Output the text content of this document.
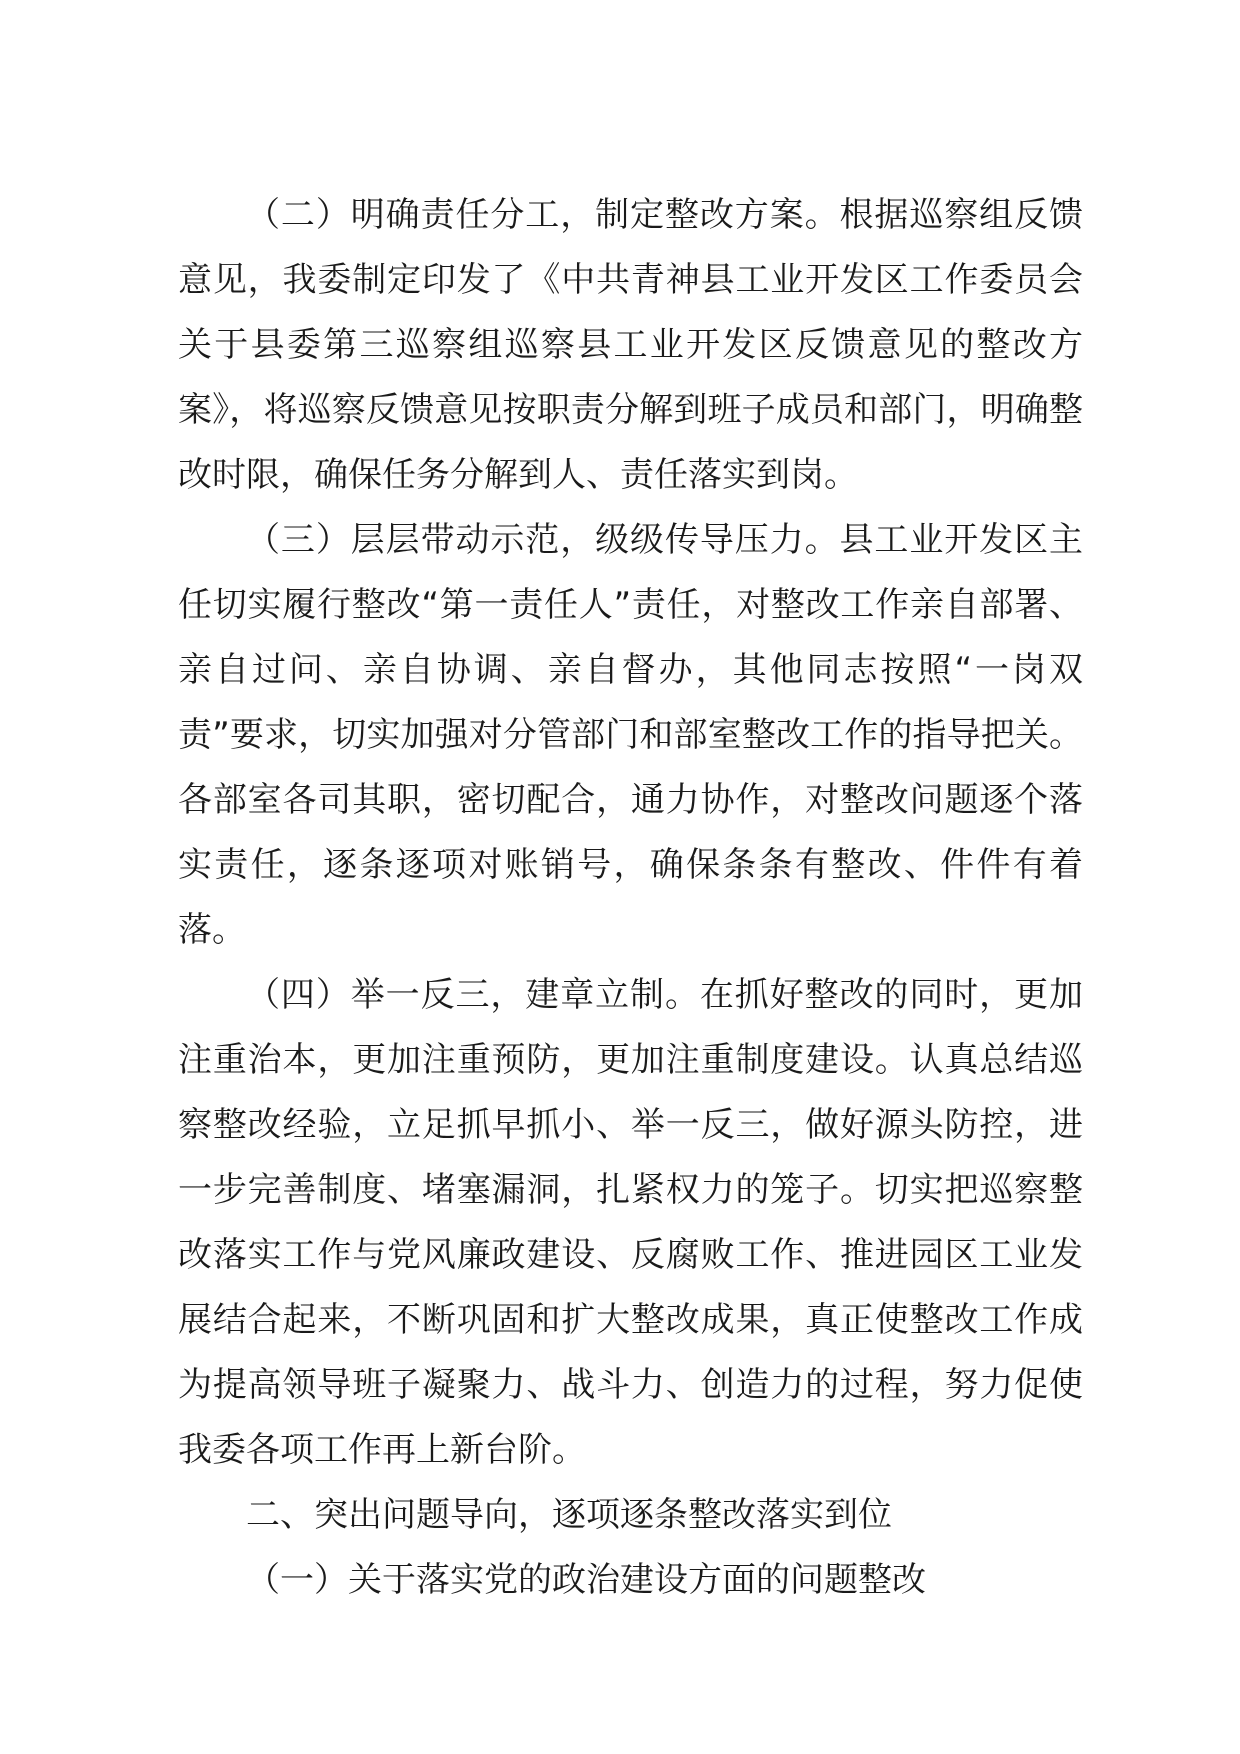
（二）明确责任分工，制定整改方案。根据巡察组反馈意见，我委制定印发了《中共青神县工业开发区工作委员会关于县委第三巡察组巡察县工业开发区反馈意见的整改方案》，将巡察反馈意见按职责分解到班子成员和部门，明确整改时限，确保任务分解到人、责任落实到岗。

（三）层层带动示范，级级传导压力。县工业开发区主任切实履行整改“第一责任人”责任，对整改工作亲自部署、亲自过问、亲自协调、亲自督办，其他同志按照“一岗双责”要求，切实加强对分管部门和部室整改工作的指导把关。各部室各司其职，密切配合，通力协作，对整改问题逐个落实责任，逐条逐项对账销号，确保条条有整改、件件有着落。

（四）举一反三，建章立制。在抓好整改的同时，更加注重治本，更加注重预防，更加注重制度建设。认真总结巡察整改经验，立足抓早抓小、举一反三，做好源头防控，进一步完善制度、堵塞漏洞，扎紧权力的笼子。切实把巡察整改落实工作与党风廉政建设、反腐败工作、推进园区工业发展结合起来，不断巩固和扩大整改成果，真正使整改工作成为提高领导班子凝聚力、战斗力、创造力的过程，努力促使我委各项工作再上新台阶。

二、突出问题导向，逐项逐条整改落实到位

（一）关于落实党的政治建设方面的问题整改
